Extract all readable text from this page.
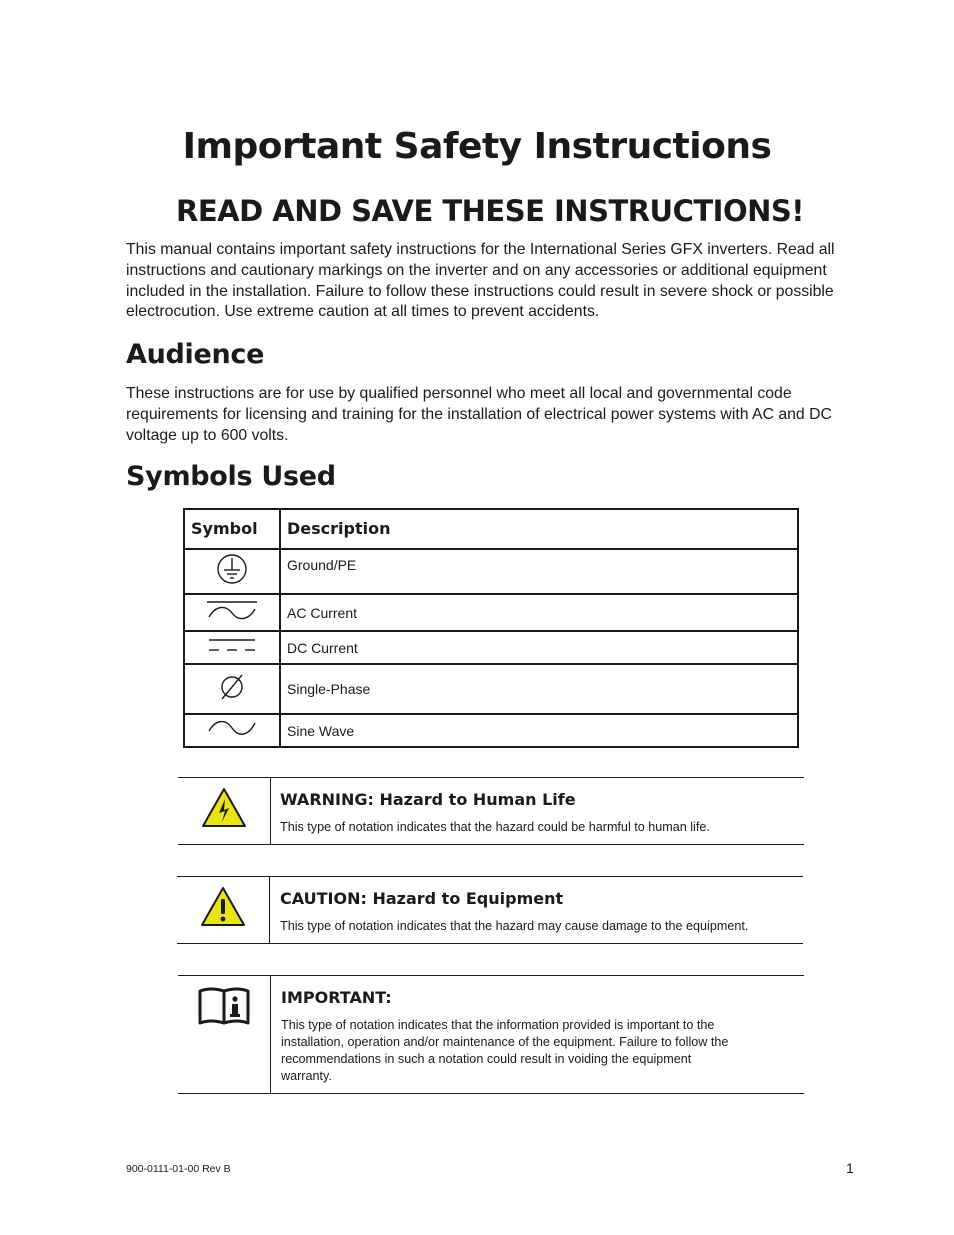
Important Safety Instructions
READ AND SAVE THESE INSTRUCTIONS!
This manual contains important safety instructions for the International Series GFX inverters. Read all instructions and cautionary markings on the inverter and on any accessories or additional equipment included in the installation. Failure to follow these instructions could result in severe shock or possible electrocution. Use extreme caution at all times to prevent accidents.
Audience
These instructions are for use by qualified personnel who meet all local and governmental code requirements for licensing and training for the installation of electrical power systems with AC and DC voltage up to 600 volts.
Symbols Used
Symbol	Description
	Ground/PE
	AC Current
	DC Current
	Single-Phase
	Sine Wave
WARNING: Hazard to Human Life
This type of notation indicates that the hazard could be harmful to human life.
CAUTION: Hazard to Equipment
This type of notation indicates that the hazard may cause damage to the equipment.
IMPORTANT:
This type of notation indicates that the information provided is important to the installation, operation and/or maintenance of the equipment. Failure to follow the recommendations in such a notation could result in voiding the equipment warranty.
900-0111-01-00 Rev B	1
